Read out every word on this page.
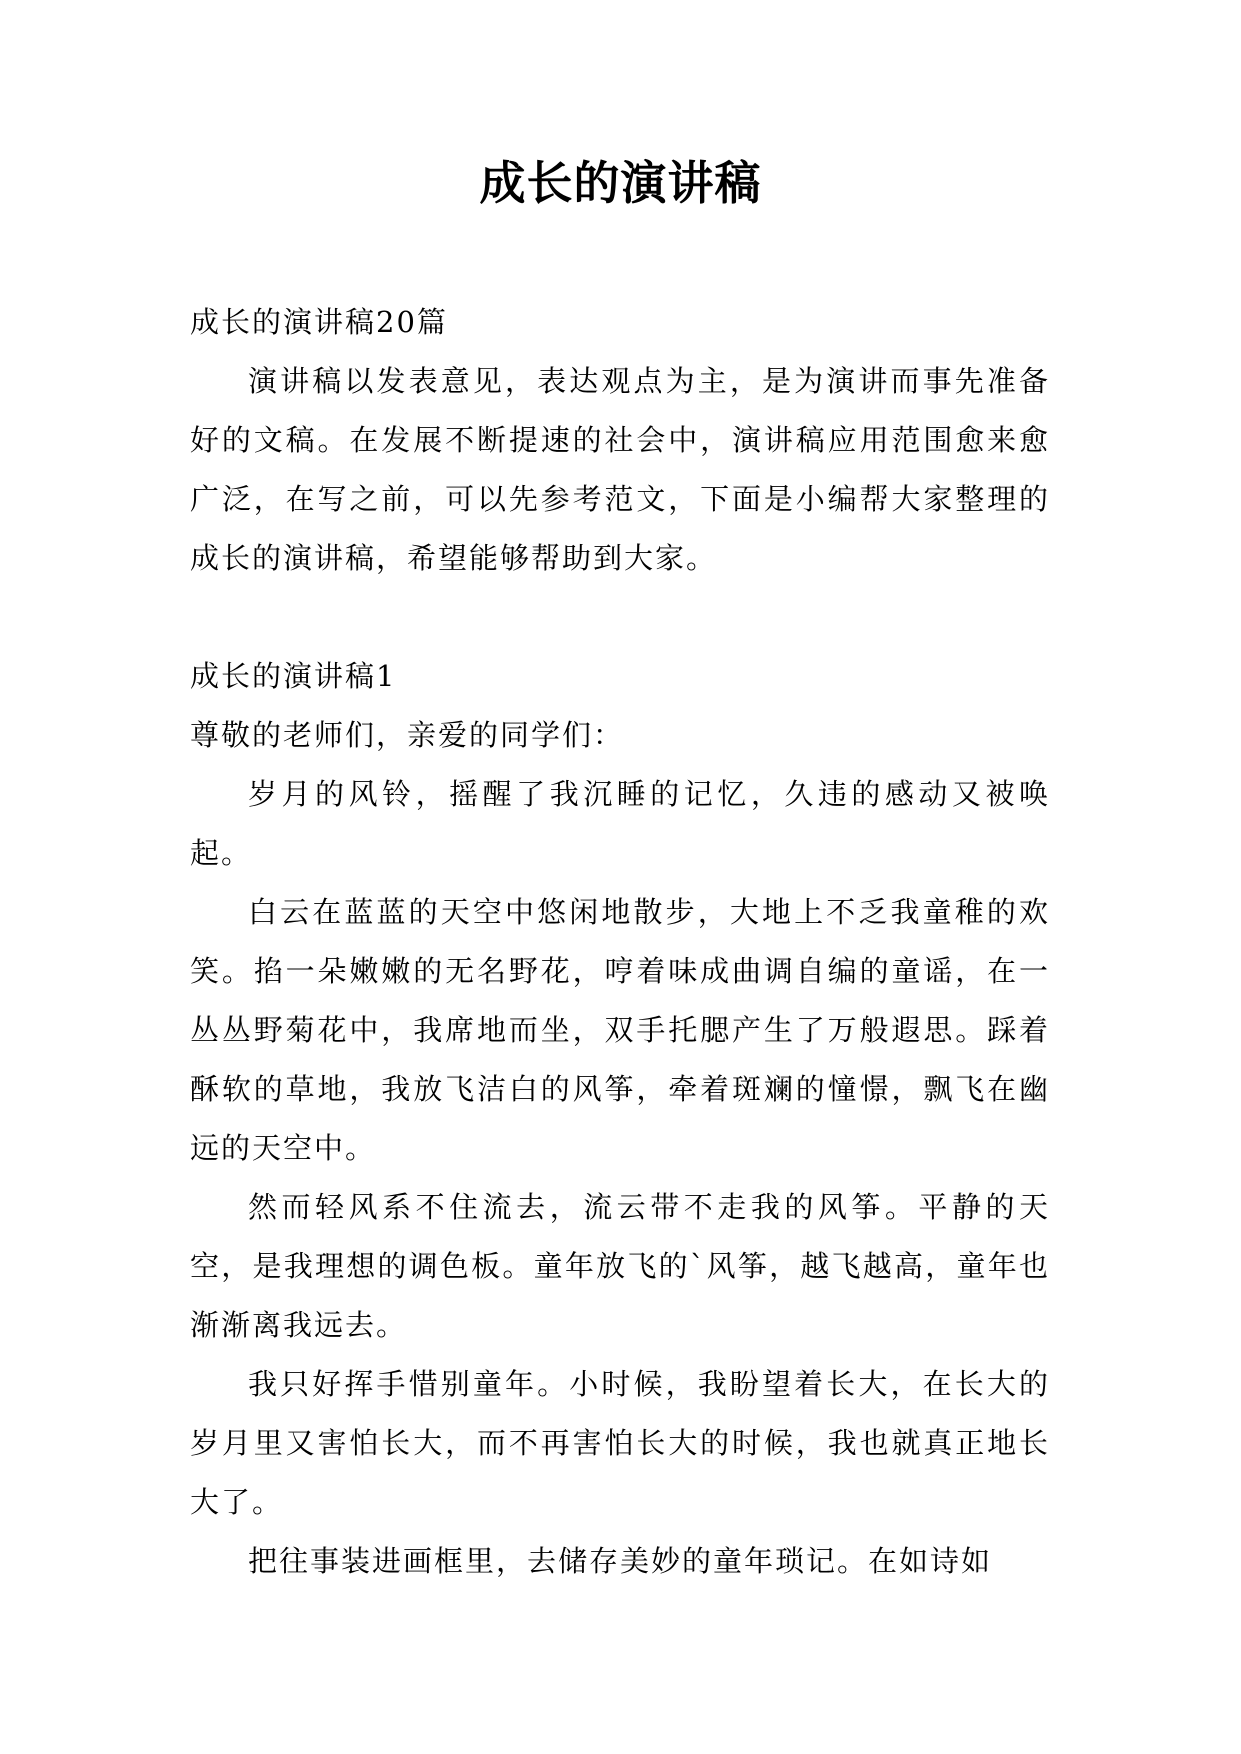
成长的演讲稿

成长的演讲稿20篇

演讲稿以发表意见，表达观点为主，是为演讲而事先准备好的文稿。在发展不断提速的社会中，演讲稿应用范围愈来愈广泛，在写之前，可以先参考范文，下面是小编帮大家整理的成长的演讲稿，希望能够帮助到大家。

成长的演讲稿1

尊敬的老师们，亲爱的同学们：

岁月的风铃，摇醒了我沉睡的记忆，久违的感动又被唤起。

白云在蓝蓝的天空中悠闲地散步，大地上不乏我童稚的欢笑。掐一朵嫩嫩的无名野花，哼着味成曲调自编的童谣，在一丛丛野菊花中，我席地而坐，双手托腮产生了万般遐思。踩着酥软的草地，我放飞洁白的风筝，牵着斑斓的憧憬，飘飞在幽远的天空中。

然而轻风系不住流去，流云带不走我的风筝。平静的天空，是我理想的调色板。童年放飞的`风筝，越飞越高，童年也渐渐离我远去。

我只好挥手惜别童年。小时候，我盼望着长大，在长大的岁月里又害怕长大，而不再害怕长大的时候，我也就真正地长大了。

把往事装进画框里，去储存美妙的童年琐记。在如诗如
